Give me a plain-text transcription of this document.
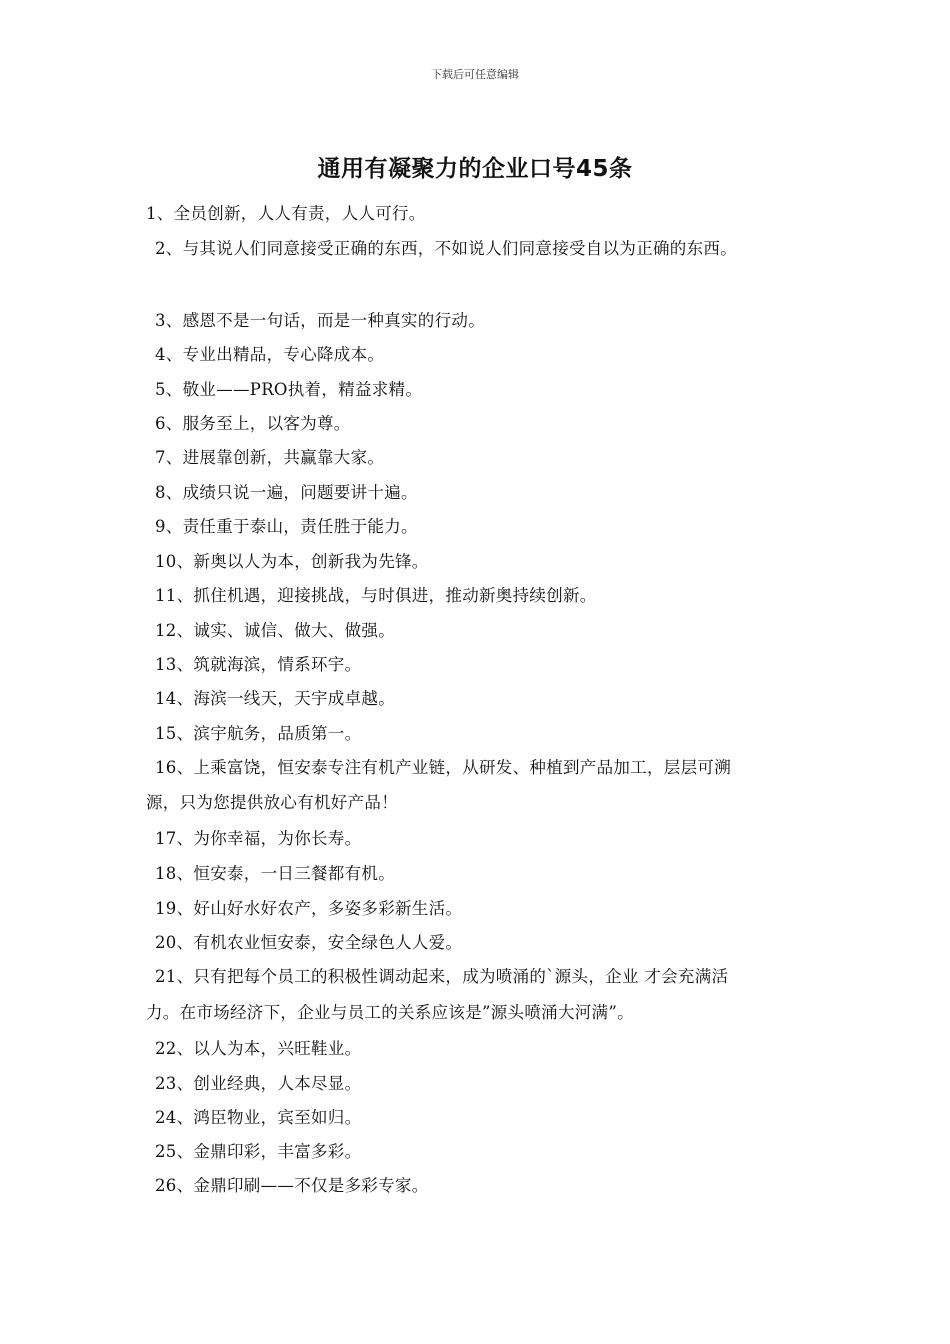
下载后可任意编辑
通用有凝聚力的企业口号45条
1、全员创新，人人有责，人人可行。
2、与其说人们同意接受正确的东西，不如说人们同意接受自以为正确的东西。
3、感恩不是一句话，而是一种真实的行动。
4、专业出精品，专心降成本。
5、敬业——PRO执着，精益求精。
6、服务至上，以客为尊。
7、进展靠创新，共赢靠大家。
8、成绩只说一遍，问题要讲十遍。
9、责任重于泰山，责任胜于能力。
10、新奥以人为本，创新我为先锋。
11、抓住机遇，迎接挑战，与时俱进，推动新奥持续创新。
12、诚实、诚信、做大、做强。
13、筑就海滨，情系环宇。
14、海滨一线天，天宇成卓越。
15、滨宇航务，品质第一。
16、上乘富饶，恒安泰专注有机产业链，从研发、种植到产品加工，层层可溯
源，只为您提供放心有机好产品！
17、为你幸福，为你长寿。
18、恒安泰，一日三餐都有机。
19、好山好水好农产，多姿多彩新生活。
20、有机农业恒安泰，安全绿色人人爱。
21、只有把每个员工的积极性调动起来，成为喷涌的`源头，企业 才会充满活
力。在市场经济下，企业与员工的关系应该是”源头喷涌大河满”。
22、以人为本，兴旺鞋业。
23、创业经典，人本尽显。
24、鸿臣物业，宾至如归。
25、金鼎印彩，丰富多彩。
26、金鼎印刷——不仅是多彩专家。
